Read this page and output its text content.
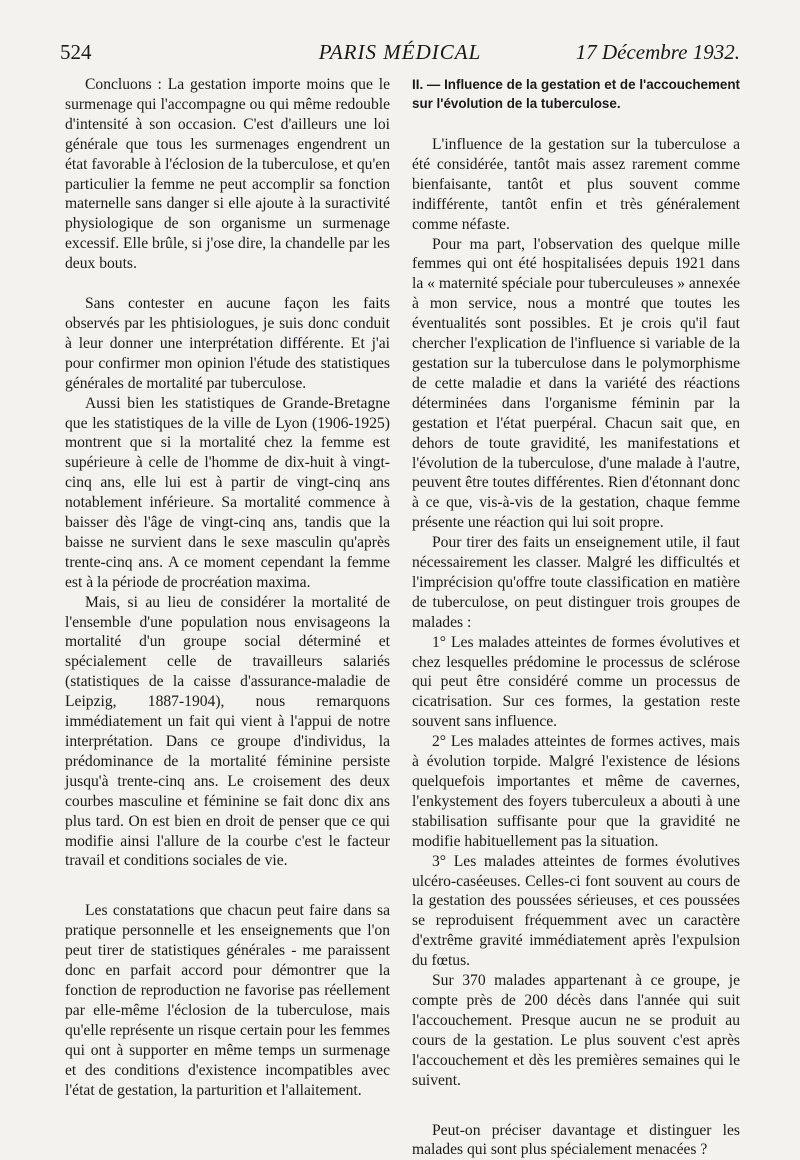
524	PARIS MÉDICAL	17 Décembre 1932.

Concluons : La gestation importe moins que le surmenage qui l'accompagne ou qui même redouble d'intensité à son occasion. C'est d'ailleurs une loi générale que tous les surmenages engendrent un état favorable à l'éclosion de la tuberculose, et qu'en particulier la femme ne peut accomplir sa fonction maternelle sans danger si elle ajoute à la suractivité physiologique de son organisme un surmenage excessif. Elle brûle, si j'ose dire, la chandelle par les deux bouts.

Sans contester en aucune façon les faits observés par les phtisiologues, je suis donc conduit à leur donner une interprétation différente. Et j'ai pour confirmer mon opinion l'étude des statistiques générales de mortalité par tuberculose.

Aussi bien les statistiques de Grande-Bretagne que les statistiques de la ville de Lyon (1906-1925) montrent que si la mortalité chez la femme est supérieure à celle de l'homme de dix-huit à vingt-cinq ans, elle lui est à partir de vingt-cinq ans notablement inférieure. Sa mortalité commence à baisser dès l'âge de vingt-cinq ans, tandis que la baisse ne survient dans le sexe masculin qu'après trente-cinq ans. A ce moment cependant la femme est à la période de procréation maxima.

Mais, si au lieu de considérer la mortalité de l'ensemble d'une population nous envisageons la mortalité d'un groupe social déterminé et spécialement celle de travailleurs salariés (statistiques de la caisse d'assurance-maladie de Leipzig, 1887-1904), nous remarquons immédiatement un fait qui vient à l'appui de notre interprétation. Dans ce groupe d'individus, la prédominance de la mortalité féminine persiste jusqu'à trente-cinq ans. Le croisement des deux courbes masculine et féminine se fait donc dix ans plus tard. On est bien en droit de penser que ce qui modifie ainsi l'allure de la courbe c'est le facteur travail et conditions sociales de vie.

Les constatations que chacun peut faire dans sa pratique personnelle et les enseignements que l'on peut tirer de statistiques générales - me paraissent donc en parfait accord pour démontrer que la fonction de reproduction ne favorise pas réellement par elle-même l'éclosion de la tuberculose, mais qu'elle représente un risque certain pour les femmes qui ont à supporter en même temps un surmenage et des conditions d'existence incompatibles avec l'état de gestation, la parturition et l'allaitement.

II. — Influence de la gestation et de l'accouchement sur l'évolution de la tuberculose.

L'influence de la gestation sur la tuberculose a été considérée, tantôt mais assez rarement comme bienfaisante, tantôt et plus souvent comme indifférente, tantôt enfin et très généralement comme néfaste.

Pour ma part, l'observation des quelque mille femmes qui ont été hospitalisées depuis 1921 dans la « maternité spéciale pour tuberculeuses » annexée à mon service, nous a montré que toutes les éventualités sont possibles. Et je crois qu'il faut chercher l'explication de l'influence si variable de la gestation sur la tuberculose dans le polymorphisme de cette maladie et dans la variété des réactions déterminées dans l'organisme féminin par la gestation et l'état puerpéral. Chacun sait que, en dehors de toute gravidité, les manifestations et l'évolution de la tuberculose, d'une malade à l'autre, peuvent être toutes différentes. Rien d'étonnant donc à ce que, vis-à-vis de la gestation, chaque femme présente une réaction qui lui soit propre.

Pour tirer des faits un enseignement utile, il faut nécessairement les classer. Malgré les difficultés et l'imprécision qu'offre toute classification en matière de tuberculose, on peut distinguer trois groupes de malades :

1° Les malades atteintes de formes évolutives et chez lesquelles prédomine le processus de sclérose qui peut être considéré comme un processus de cicatrisation. Sur ces formes, la gestation reste souvent sans influence.

2° Les malades atteintes de formes actives, mais à évolution torpide. Malgré l'existence de lésions quelquefois importantes et même de cavernes, l'enkystement des foyers tuberculeux a abouti à une stabilisation suffisante pour que la gravidité ne modifie habituellement pas la situation.

3° Les malades atteintes de formes évolutives ulcéro-caséeuses. Celles-ci font souvent au cours de la gestation des poussées sérieuses, et ces poussées se reproduisent fréquemment avec un caractère d'extrême gravité immédiatement après l'expulsion du fœtus.

Sur 370 malades appartenant à ce groupe, je compte près de 200 décès dans l'année qui suit l'accouchement. Presque aucun ne se produit au cours de la gestation. Le plus souvent c'est après l'accouchement et dès les premières semaines qui le suivent.

Peut-on préciser davantage et distinguer les malades qui sont plus spécialement menacées ?
